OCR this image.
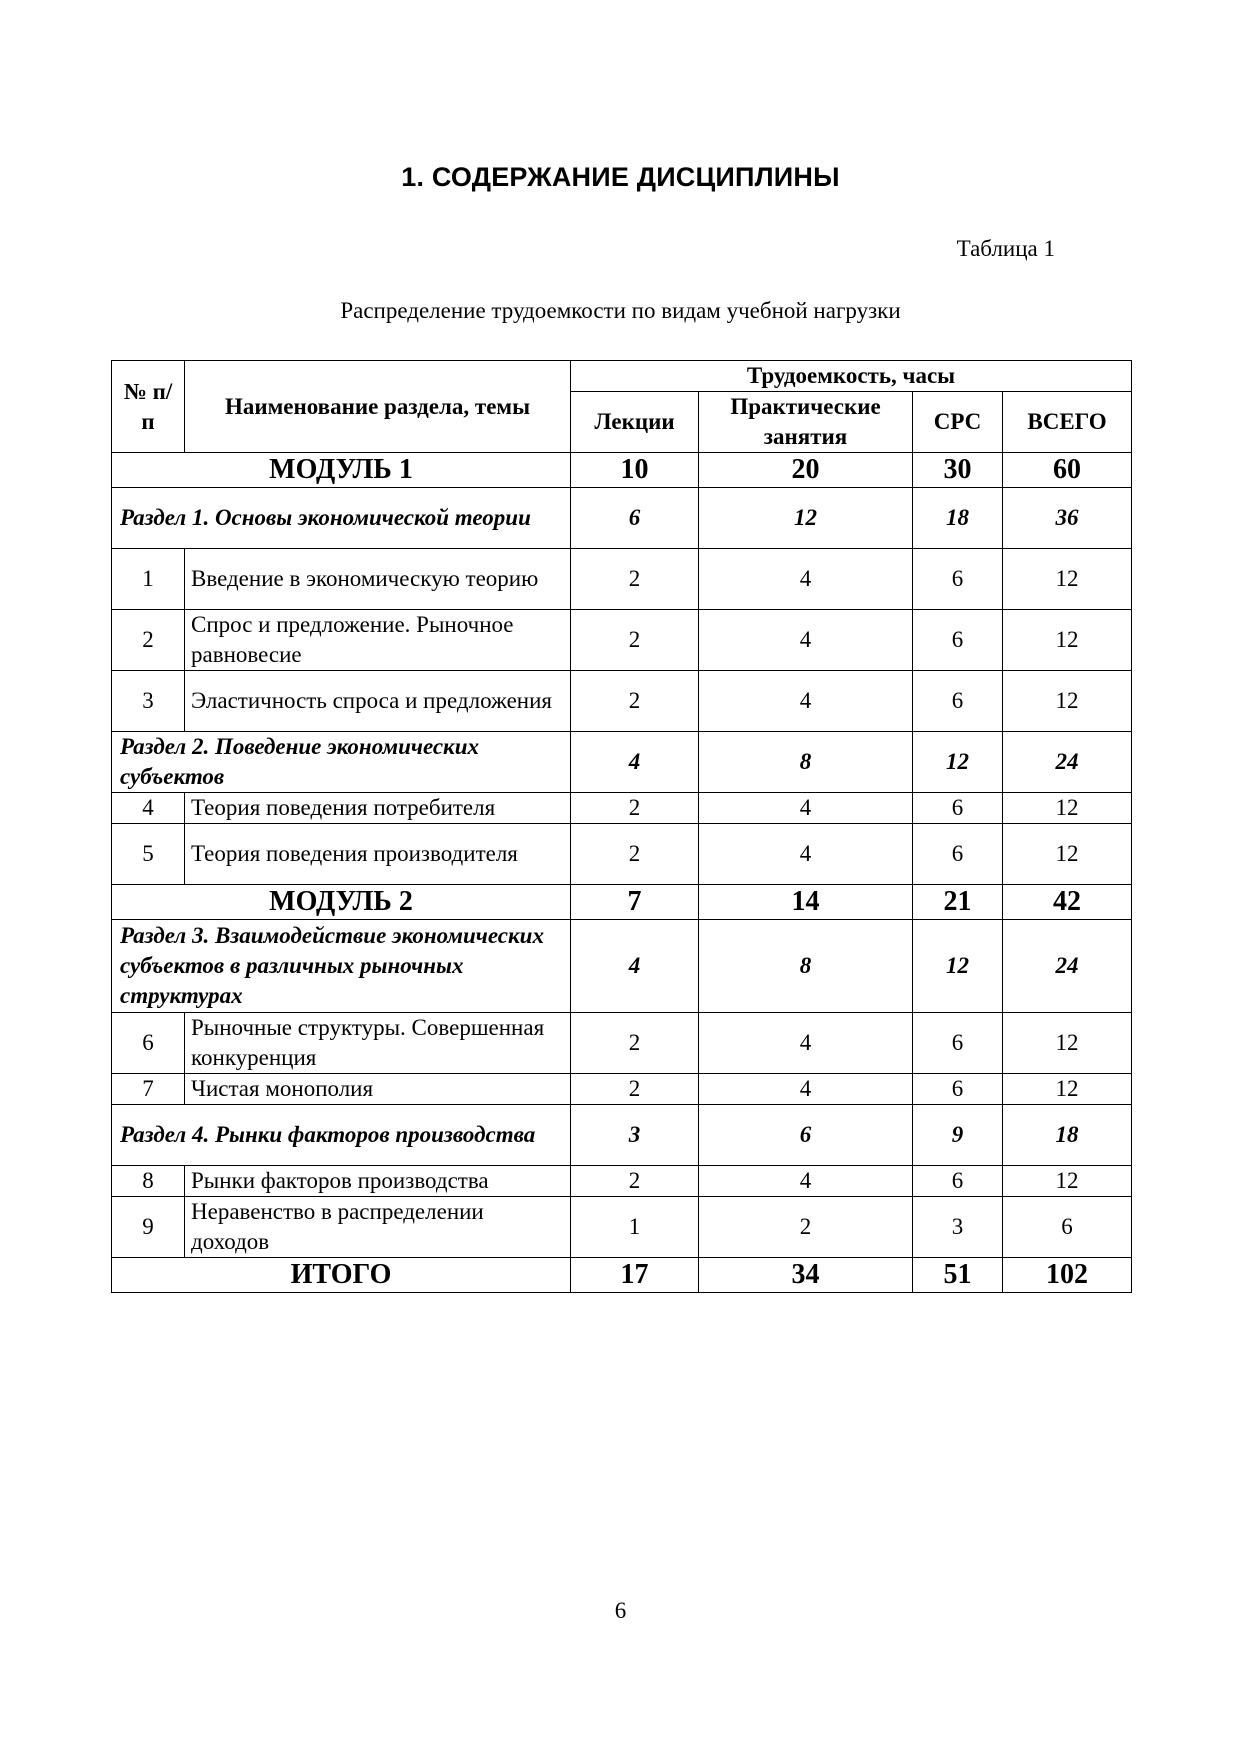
1. СОДЕРЖАНИЕ ДИСЦИПЛИНЫ
Таблица 1
Распределение трудоемкости по видам учебной нагрузки
№ п/п	Наименование раздела, темы	Трудоемкость, часы			
		Лекции	Практические занятия	СРС	ВСЕГО
МОДУЛЬ 1		10	20	30	60
Раздел 1. Основы экономической теории		6	12	18	36
1	Введение в экономическую теорию	2	4	6	12
2	Спрос и предложение. Рыночное равновесие	2	4	6	12
3	Эластичность спроса и предложения	2	4	6	12
Раздел 2. Поведение экономических субъектов		4	8	12	24
4	Теория поведения потребителя	2	4	6	12
5	Теория поведения производителя	2	4	6	12
МОДУЛЬ 2		7	14	21	42
Раздел 3. Взаимодействие экономических субъектов в различных рыночных структурах		4	8	12	24
6	Рыночные структуры. Совершенная конкуренция	2	4	6	12
7	Чистая монополия	2	4	6	12
Раздел 4. Рынки факторов производства		3	6	9	18
8	Рынки факторов производства	2	4	6	12
9	Неравенство в распределении доходов	1	2	3	6
ИТОГО		17	34	51	102
6
